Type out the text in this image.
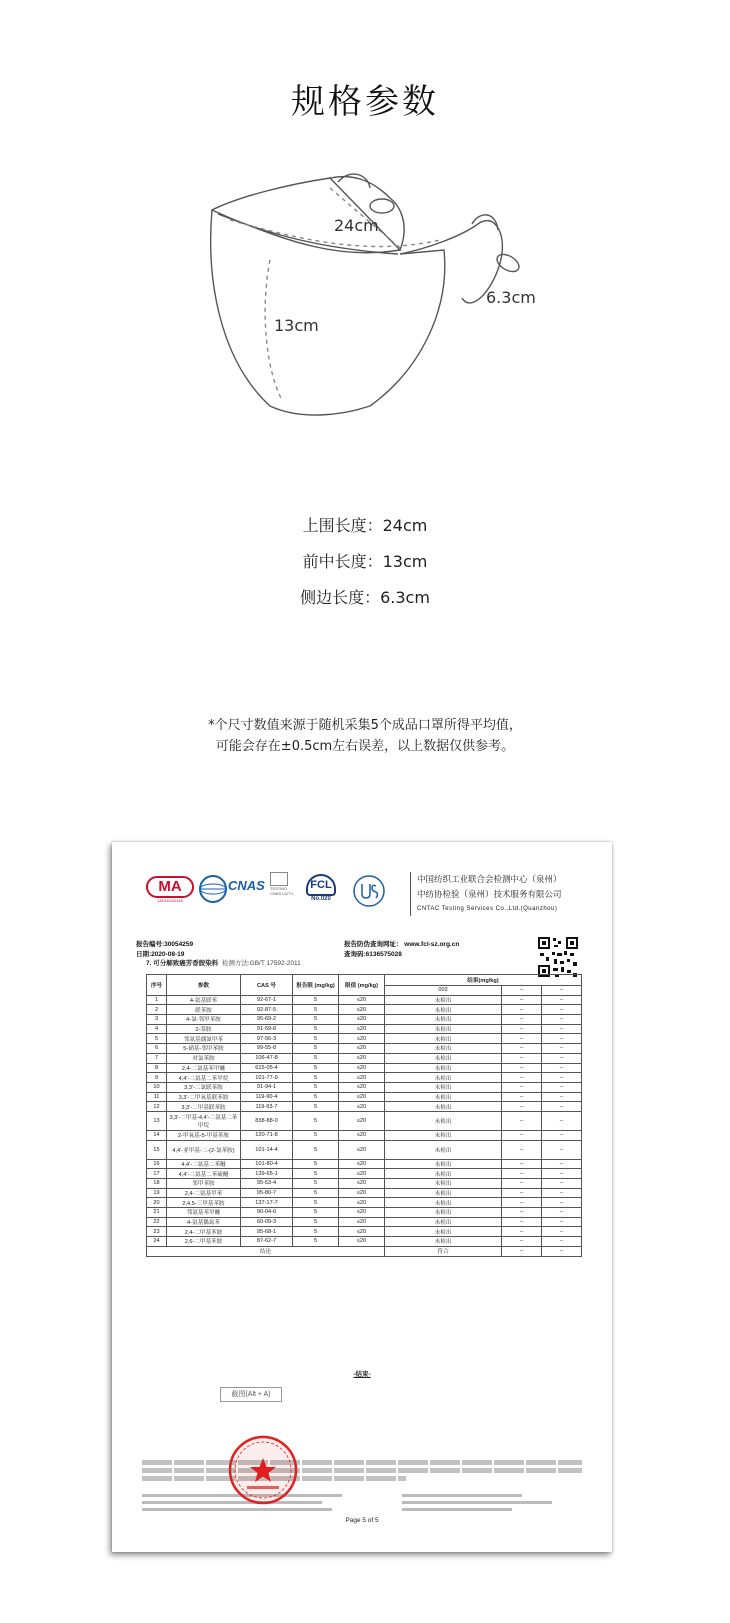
规格参数
24cm
6.3cm
13cm
上围长度：24cm
前中长度：13cm
侧边长度：6.3cm
*个尺寸数值来源于随机采集5个成品口罩所得平均值，
可能会存在±0.5cm左右误差，以上数据仅供参考。
MA
181311110118
CNAS TESTING
CNAS L5771
FCL
No.020
中国纺织工业联合会检测中心（泉州）
中纺协检验（泉州）技术服务有限公司
CNTAC Testing Services Co.,Ltd.(Quanzhou)
报告编号:30054259
日期:2020-08-19
报告防伪查询网址： www.fcl-sz.org.cn
查询码:6136575028
7. 可分解致癌芳香胺染料 检测方法:GB/T 17592-2011
序号	参数	CAS 号	报告限 (mg/kg)	限值 (mg/kg)	结果(mg/kg)		
					002	--	--
1	4-氨基联苯	92-67-1	5	≤20	未检出	--	--
2	联苯胺	92-87-5	5	≤20	未检出	--	--
3	4-氯-邻甲苯胺	95-69-2	5	≤20	未检出	--	--
4	2-萘胺	91-59-8	5	≤20	未检出	--	--
5	邻氨基偶氮甲苯	97-56-3	5	≤20	未检出	--	--
6	5-硝基-邻甲苯胺	99-55-8	5	≤20	未检出	--	--
7	对氯苯胺	106-47-8	5	≤20	未检出	--	--
8	2,4-二氨基苯甲醚	615-05-4	5	≤20	未检出	--	--
9	4,4'-二氨基二苯甲烷	101-77-9	5	≤20	未检出	--	--
10	3,3'-二氯联苯胺	91-94-1	5	≤20	未检出	--	--
11	3,3'-二甲氧基联苯胺	119-90-4	5	≤20	未检出	--	--
12	3,3'-二甲基联苯胺	119-93-7	5	≤20	未检出	--	--
13	3,3'-二甲基-4,4'-二氨基二苯甲烷	838-88-0	5	≤20	未检出	--	--
14	2-甲氧基-5-甲基苯胺	120-71-8	5	≤20	未检出	--	--
15	4,4'-亚甲基-二-(2-氯苯胺)	101-14-4	5	≤20	未检出	--	--
16	4,4'-二氨基二苯醚	101-80-4	5	≤20	未检出	--	--
17	4,4'-二氨基二苯硫醚	139-65-1	5	≤20	未检出	--	--
18	邻甲苯胺	95-53-4	5	≤20	未检出	--	--
19	2,4-二氨基甲苯	95-80-7	5	≤20	未检出	--	--
20	2,4,5-三甲基苯胺	137-17-7	5	≤20	未检出	--	--
21	邻氨基苯甲醚	90-04-0	5	≤20	未检出	--	--
22	4-氨基偶氮苯	60-09-3	5	≤20	未检出	--	--
23	2,4-二甲基苯胺	95-68-1	5	≤20	未检出	--	--
24	2,6-二甲基苯胺	87-62-7	5	≤20	未检出	--	--
结论					符合	--	--
-结束-
截图(Alt + A)
Page 5 of 5
